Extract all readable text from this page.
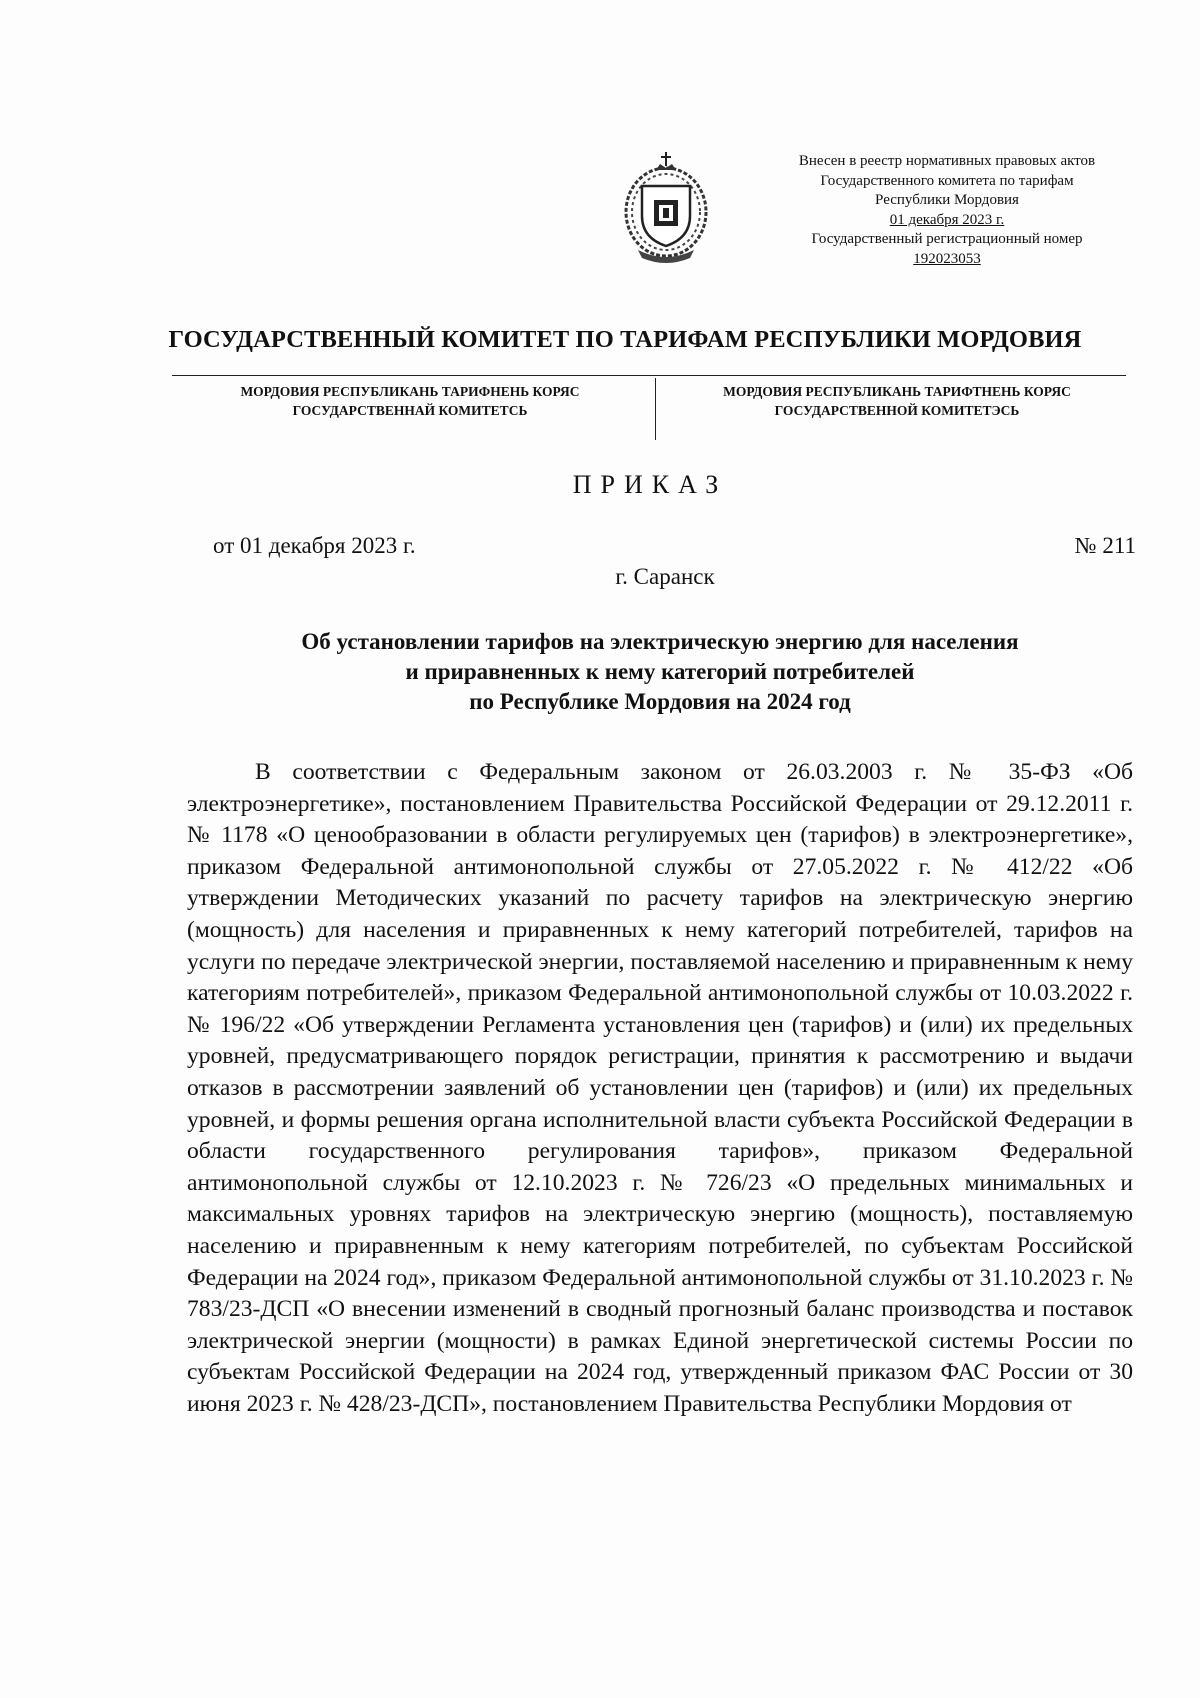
Внесен в реестр нормативных правовых актов
Государственного комитета по тарифам
Республики Мордовия
01 декабря 2023 г.
Государственный регистрационный номер
192023053
ГОСУДАРСТВЕННЫЙ КОМИТЕТ ПО ТАРИФАМ РЕСПУБЛИКИ МОРДОВИЯ
МОРДОВИЯ РЕСПУБЛИКАНЬ ТАРИФНЕНЬ КОРЯС
ГОСУДАРСТВЕННАЙ КОМИТЕТСЬ
МОРДОВИЯ РЕСПУБЛИКАНЬ ТАРИФТНЕНЬ КОРЯС
ГОСУДАРСТВЕННОЙ КОМИТЕТЭСЬ
ПРИКАЗ
от 01 декабря 2023 г.	№ 211
г. Саранск
Об установлении тарифов на электрическую энергию для населения
и приравненных к нему категорий потребителей
по Республике Мордовия на 2024 год

В соответствии с Федеральным законом от 26.03.2003 г. № 35-ФЗ «Об электроэнергетике», постановлением Правительства Российской Федерации от 29.12.2011 г. № 1178 «О ценообразовании в области регулируемых цен (тарифов) в электроэнергетике», приказом Федеральной антимонопольной службы от 27.05.2022 г. № 412/22 «Об утверждении Методических указаний по расчету тарифов на электрическую энергию (мощность) для населения и приравненных к нему категорий потребителей, тарифов на услуги по передаче электрической энергии, поставляемой населению и приравненным к нему категориям потребителей», приказом Федеральной антимонопольной службы от 10.03.2022 г. № 196/22 «Об утверждении Регламента установления цен (тарифов) и (или) их предельных уровней, предусматривающего порядок регистрации, принятия к рассмотрению и выдачи отказов в рассмотрении заявлений об установлении цен (тарифов) и (или) их предельных уровней, и формы решения органа исполнительной власти субъекта Российской Федерации в области государственного регулирования тарифов», приказом Федеральной антимонопольной службы от 12.10.2023 г. № 726/23 «О предельных минимальных и максимальных уровнях тарифов на электрическую энергию (мощность), поставляемую населению и приравненным к нему категориям потребителей, по субъектам Российской Федерации на 2024 год», приказом Федеральной антимонопольной службы от 31.10.2023 г. № 783/23-ДСП «О внесении изменений в сводный прогнозный баланс производства и поставок электрической энергии (мощности) в рамках Единой энергетической системы России по субъектам Российской Федерации на 2024 год, утвержденный приказом ФАС России от 30 июня 2023 г. № 428/23-ДСП», постановлением Правительства Республики Мордовия от
